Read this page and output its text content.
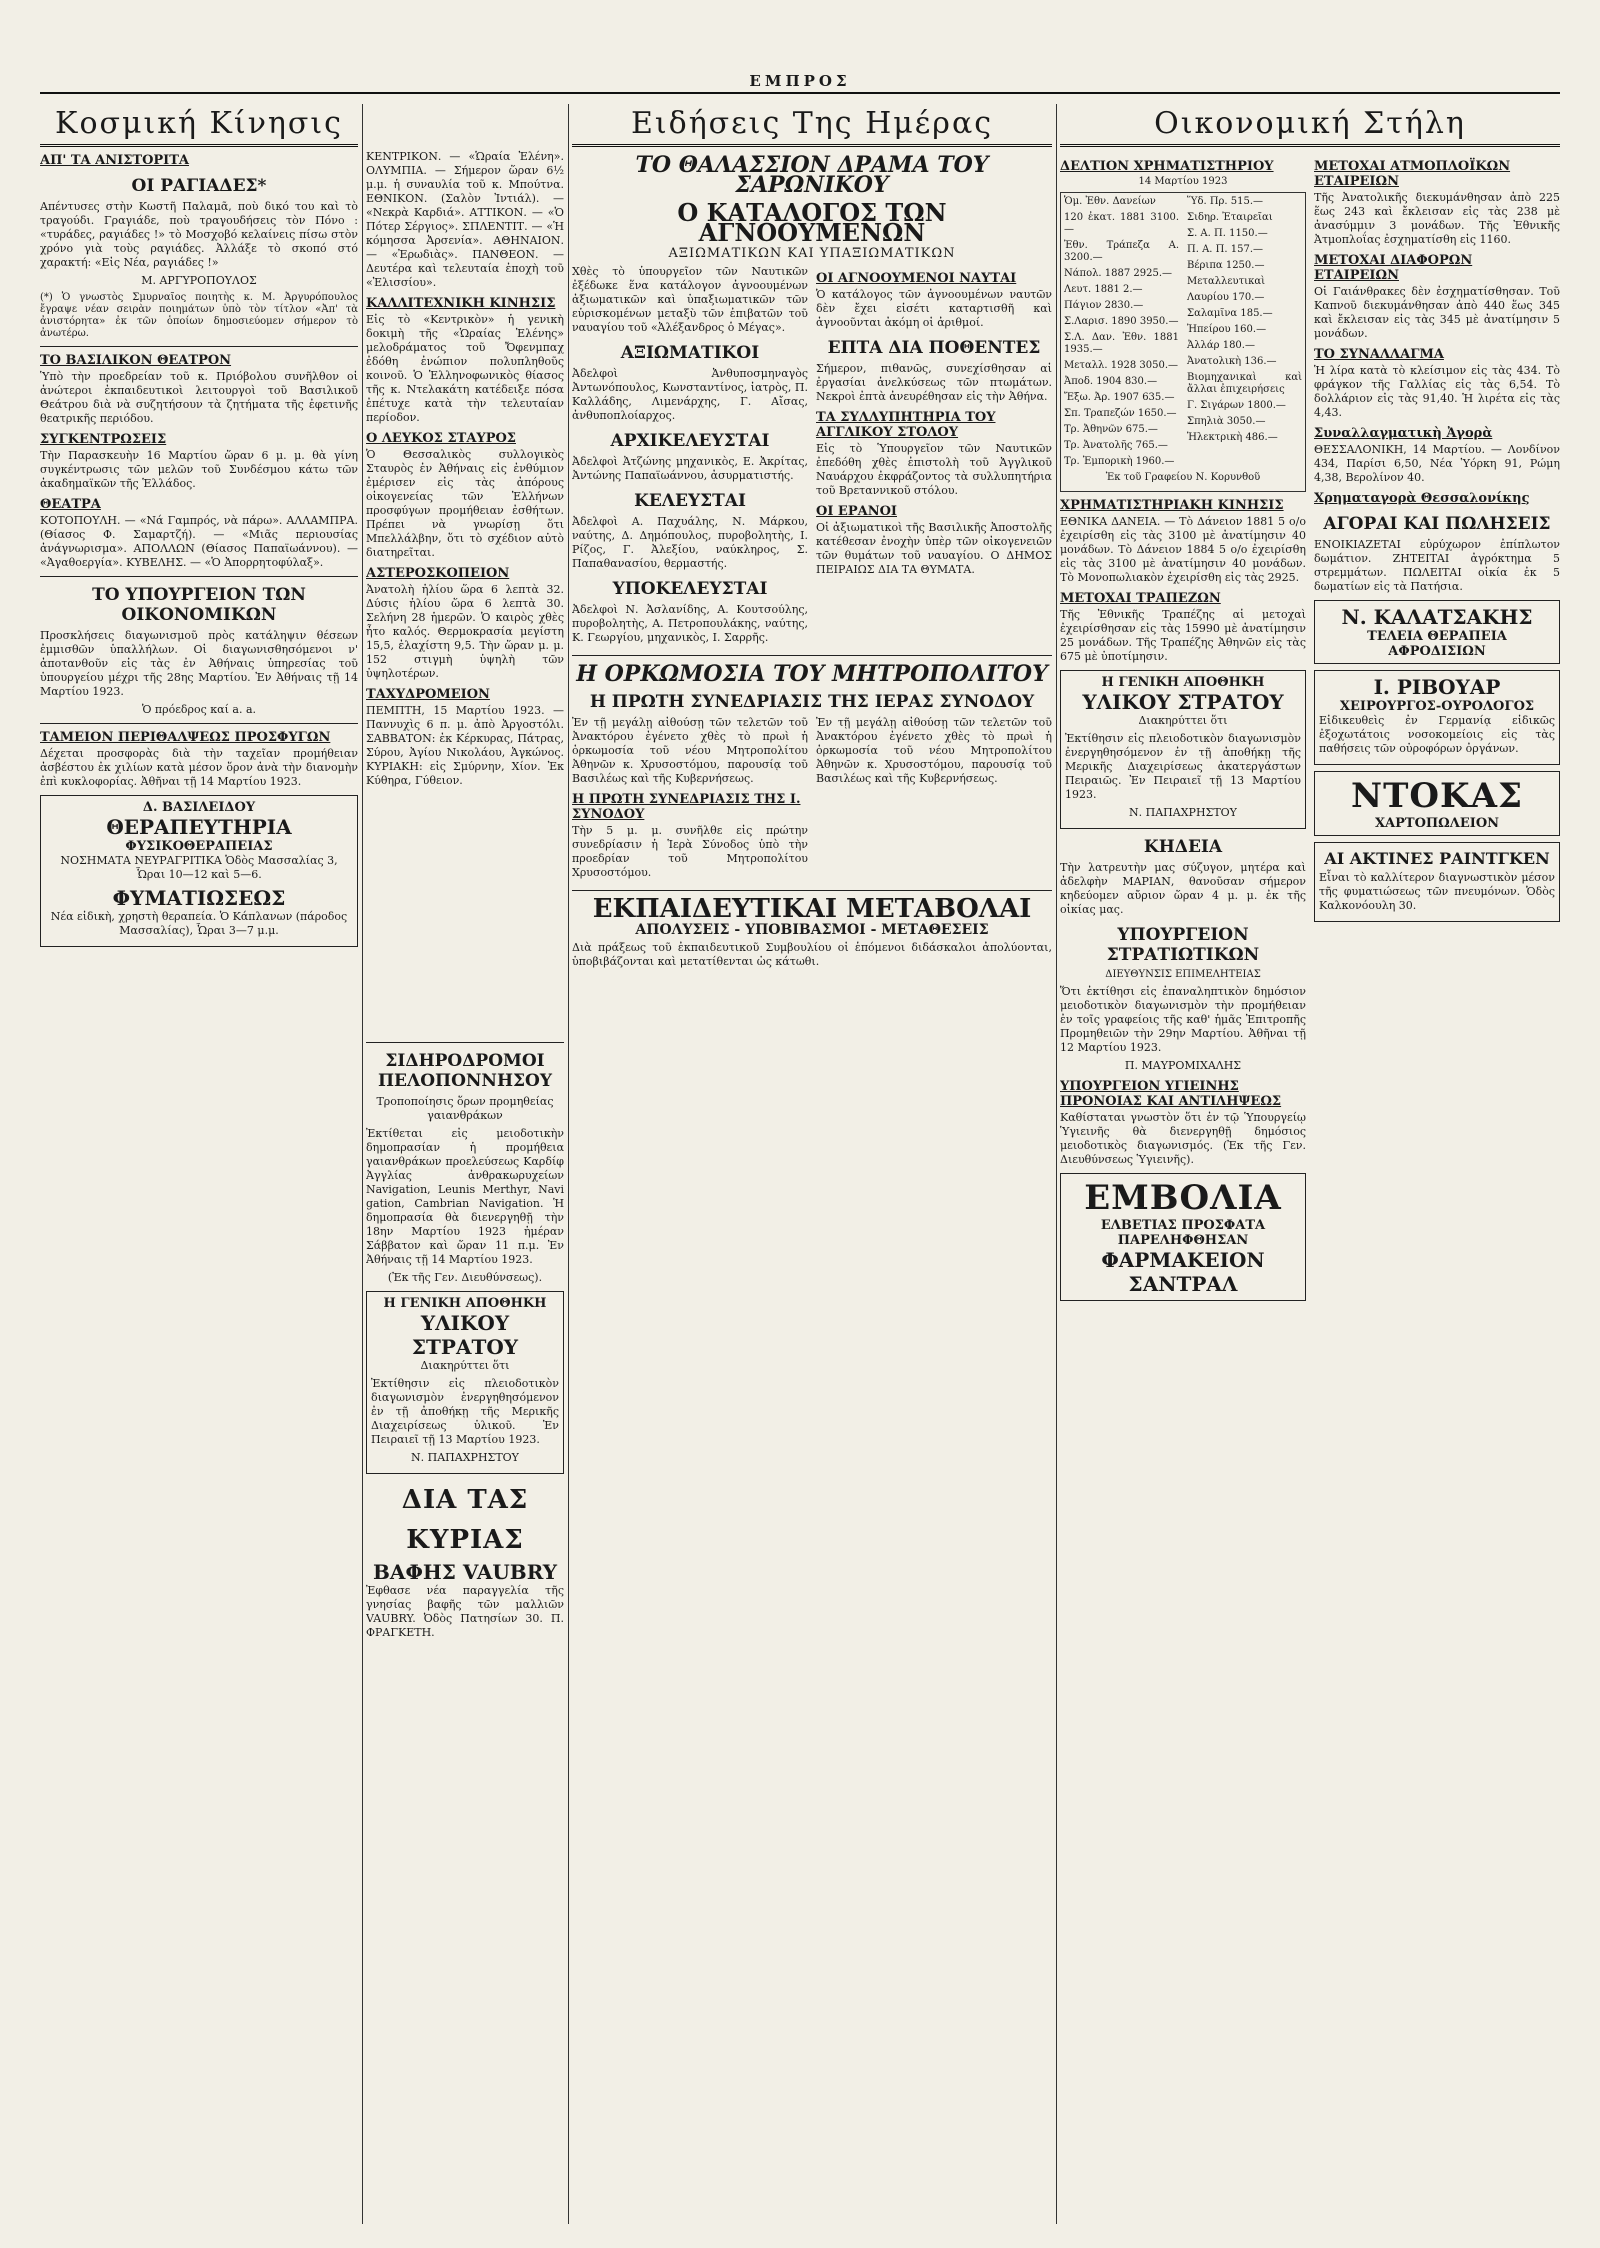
ΕΜΠΡΟΣ
Κοσμική Κίνησις
ΑΠ' ΤΑ ΑΝΙΣΤΟΡΙΤΑ
ΟΙ ΡΑΓΙΑΔΕΣ*

Απέντυσες στὴν Κωστῆ Παλαμᾶ, ποὺ δικό του καὶ τὸ τραγούδι. Γραγιάδε, ποὺ τραγουδήσεις τὸν Πόνο : «τυράδες, ραγιάδες !» τὸ Μοσχοβό κελαίνεις πίσω στὸν χρόνο γιὰ τοὺς ραγιάδες. Ἀλλάξε τὸ σκοπό στό χαρακτή: «Εἰς Νέα, ραγιάδες !»

Μ. ΑΡΓΥΡΟΠΟΥΛΟΣ

(*) Ὁ γνωστὸς Σμυρναῖος ποιητὴς κ. Μ. Ἀργυρόπουλος ἔγραψε νέαν σειρὰν ποιημάτων ὑπὸ τὸν τίτλον «Ἀπ' τὰ ἀνιστόρητα» ἐκ τῶν ὁποίων δημοσιεύομεν σήμερον τὸ ἀνωτέρω.

ΤΟ ΒΑΣΙΛΙΚΟΝ ΘΕΑΤΡΟΝ

Ὑπὸ τὴν προεδρείαν τοῦ κ. Πριόβολου συνῆλθον οἱ ἀνώτεροι ἐκπαιδευτικοὶ λειτουργοὶ τοῦ Βασιλικοῦ Θεάτρου διὰ νὰ συζητήσουν τὰ ζητήματα τῆς ἐφετινῆς θεατρικῆς περιόδου.

ΣΥΓΚΕΝΤΡΩΣΕΙΣ

Τὴν Παρασκευὴν 16 Μαρτίου ὥραν 6 μ. μ. θὰ γίνη συγκέντρωσις τῶν μελῶν τοῦ Συνδέσμου κάτω τῶν ἀκαδημαϊκῶν τῆς Ἑλλάδος.

ΘΕΑΤΡΑ

ΚΟΤΟΠΟΥΛΗ. — «Νά Γαμπρός, νὰ πάρω». ΑΛΛΑΜΠΡΑ. (Θίασος Φ. Σαμαρτζή). — «Μιᾶς περιουσίας ἀνάγνωρισμα». ΑΠΟΛΛΩΝ (Θίασος Παπαϊωάννου). — «Ἀγαθοεργία». ΚΥΒΕΛΗΣ. — «Ὁ Ἀπορρητοφύλαξ».

ΤΟ ΥΠΟΥΡΓΕΙΟΝ ΤΩΝ ΟΙΚΟΝΟΜΙΚΩΝ

Προσκλήσεις διαγωνισμοῦ πρὸς κατάληψιν θέσεων ἐμμισθῶν ὑπαλλήλων. Οἱ διαγωνισθησόμενοι ν' ἀποτανθοῦν εἰς τὰς ἐν Ἀθήναις ὑπηρεσίας τοῦ ὑπουργείου μέχρι τῆς 28ης Μαρτίου. Ἐν Ἀθήναις τῇ 14 Μαρτίου 1923.

Ὁ πρόεδρος καί a. a.

ΤΑΜΕΙΟΝ ΠΕΡΙΘΑΛΨΕΩΣ ΠΡΟΣΦΥΓΩΝ

Δέχεται προσφορὰς διὰ τὴν ταχεῖαν προμήθειαν ἀσβέστου ἐκ χιλίων κατὰ μέσον ὅρον ἀνὰ τὴν διανομὴν ἐπὶ κυκλοφορίας. Ἀθῆναι τῇ 14 Μαρτίου 1923.

Δ. ΒΑΣΙΛΕΙΔΟΥ
ΘΕΡΑΠΕΥΤΗΡΙΑ
ΦΥΣΙΚΟΘΕΡΑΠΕΙΑΣ

ΝΟΣΗΜΑΤΑ ΝΕΥΡΑΓΡΙΤΙΚΑ Ὁδὸς Μασσαλίας 3, Ὧραι 10—12 καὶ 5—6.

ΦΥΜΑΤΙΩΣΕΩΣ

Νέα εἰδικὴ, χρηστὴ θεραπεία. Ὁ Κάπλανων (πάροδος Μασσαλίας), Ὧραι 3—7 μ.μ.

ΚΕΝΤΡΙΚΟΝ. — «Ὡραία Ἑλένη». ΟΛΥΜΠΙΑ. — Σήμερον ὥραν 6½ μ.μ. ἡ συναυλία τοῦ κ. Μπούτνα. ΕΘΝΙΚΟΝ. (Σαλὸν Ἰντιάλ). — «Νεκρὰ Καρδιά». ΑΤΤΙΚΟΝ. — «Ὁ Πότερ Σέργιος». ΣΠΛΕΝΤΙΤ. — «Ἡ κόμησσα Ἀρσενία». ΑΘΗΝΑΙΟΝ. — «Ἐρωδιὰς». ΠΑΝΘΕΟΝ. — Δευτέρα καὶ τελευταία ἐποχὴ τοῦ «Ἐλισσίου».

ΚΑΛΛΙΤΕΧΝΙΚΗ ΚΙΝΗΣΙΣ

Εἰς τὸ «Κεντρικὸν» ἡ γενικὴ δοκιμὴ τῆς «Ὡραίας Ἑλένης» μελοδράματος τοῦ Ὄφενμπαχ ἐδόθη ἐνώπιον πολυπληθοῦς κοινοῦ. Ὁ Ἑλληνοφωνικὸς θίασος τῆς κ. Ντελακάτη κατέδειξε πόσα ἐπέτυχε κατὰ τὴν τελευταίαν περίοδον.

Ο ΛΕΥΚΟΣ ΣΤΑΥΡΟΣ

Ὁ Θεσσαλικὸς συλλογικὸς Σταυρὸς ἐν Ἀθήναις εἰς ἐνθύμιον ἐμέρισεν εἰς τὰς ἀπόρους οἰκογενείας τῶν Ἑλλήνων προσφύγων προμήθειαν ἐσθήτων. Πρέπει νὰ γνωρίσῃ ὅτι Μπελλάλβην, ὅτι τὸ σχέδιον αὐτὸ διατηρεῖται.

ΑΣΤΕΡΟΣΚΟΠΕΙΟΝ

Ἀνατολὴ ἡλίου ὥρα 6 λεπτὰ 32. Δύσις ἡλίου ὥρα 6 λεπτὰ 30. Σελήνη 28 ἡμερῶν. Ὁ καιρὸς χθὲς ἦτο καλός. Θερμοκρασία μεγίστη 15,5, ἐλαχίστη 9,5. Τὴν ὥραν μ. μ. 152 στιγμὴ ὑψηλὴ τῶν ὑψηλοτέρων.

ΤΑΧΥΔΡΟΜΕΙΟΝ

ΠΕΜΠΤΗ, 15 Μαρτίου 1923. — Παννυχὶς 6 π. μ. ἀπὸ Ἀργοστόλι. ΣΑΒΒΑΤΟΝ: ἐκ Κέρκυρας, Πάτρας, Σύρου, Ἀγίου Νικολάου, Ἀγκώνος. ΚΥΡΙΑΚΗ: εἰς Σμύρνην, Χίον. Ἐκ Κύθηρα, Γύθειον.

ΣΙΔΗΡΟΔΡΟΜΟΙ ΠΕΛΟΠΟΝΝΗΣΟΥ

Τροποποίησις ὅρων προμηθείας γαιανθράκων

Ἐκτίθεται εἰς μειοδοτικὴν δημοπρασίαν ἡ προμήθεια γαιανθράκων προελεύσεως Καρδίφ Ἀγγλίας ἀνθρακωρυχείων Navigation, Leunis Merthyr, Navi gation, Cambrian Navigation. Ἡ δημοπρασία θὰ διενεργηθῇ τὴν 18ην Μαρτίου 1923 ἡμέραν Σάββατον καὶ ὥραν 11 π.μ. Ἐν Ἀθήναις τῇ 14 Μαρτίου 1923.

(Ἐκ τῆς Γεν. Διευθύνσεως).

Η ΓΕΝΙΚΗ ΑΠΟΘΗΚΗ
ΥΛΙΚΟΥ ΣΤΡΑΤΟΥ

Διακηρύττει ὅτι

Ἐκτίθησιν εἰς πλειοδοτικὸν διαγωνισμὸν ἐνεργηθησόμενον ἐν τῇ ἀποθήκῃ τῆς Μερικῆς Διαχειρίσεως ὑλικοῦ. Ἐν Πειραιεῖ τῇ 13 Μαρτίου 1923.

Ν. ΠΑΠΑΧΡΗΣΤΟΥ

ΔΙΑ ΤΑΣ ΚΥΡΙΑΣ
ΒΑΦΗΣ VAUBRY

Ἐφθασε νέα παραγγελία τῆς γνησίας βαφῆς τῶν μαλλιῶν VAUBRY. Ὀδὸς Πατησίων 30. Π. ΦΡΑΓΚΕΤΗ.

Ειδήσεις Της Ημέρας
ΤΟ ΘΑΛΑΣΣΙΟΝ ΔΡΑΜΑ ΤΟΥ ΣΑΡΩΝΙΚΟΥ
Ο ΚΑΤΑΛΟΓΟΣ ΤΩΝ ΑΓΝΟΟΥΜΕΝΩΝ

ΑΞΙΩΜΑΤΙΚΩΝ ΚΑΙ ΥΠΑΞΙΩΜΑΤΙΚΩΝ

Χθὲς τὸ ὑπουργεῖον τῶν Ναυτικῶν ἐξέδωκε ἕνα κατάλογον ἀγνοουμένων ἀξιωματικῶν καὶ ὑπαξιωματικῶν τῶν εὑρισκομένων μεταξὺ τῶν ἐπιβατῶν τοῦ ναυαγίου τοῦ «Ἀλέξανδρος ὁ Μέγας».

ΑΞΙΩΜΑΤΙΚΟΙ

Ἀδελφοὶ Ἀνθυποσμηναγὸς Ἀντωνόπουλος, Κωνσταντίνος, ἰατρὸς, Π. Καλλάδης, Λιμενάρχης, Γ. Αἴσας, ἀνθυποπλοίαρχος.

ΑΡΧΙΚΕΛΕΥΣΤΑΙ

Ἀδελφοὶ Ἀτζώνης μηχανικὸς, Ε. Ἀκρίτας, Ἀντώνης Παπαϊωάννου, ἀσυρματιστής.

ΚΕΛΕΥΣΤΑΙ

Ἀδελφοὶ Α. Παχυάλης, Ν. Μάρκου, ναύτης, Δ. Δημόπουλος, πυροβολητὴς, Ι. Ρίζος, Γ. Ἀλεξίου, ναύκληρος, Σ. Παπαθανασίου, θερμαστής.

ΥΠΟΚΕΛΕΥΣΤΑΙ

Ἀδελφοὶ Ν. Ἀσλανίδης, Α. Κουτσούλης, πυροβολητὴς, Α. Πετροπουλάκης, ναύτης, Κ. Γεωργίου, μηχανικὸς, Ι. Σαρρῆς.

ΟΙ ΑΓΝΟΟΥΜΕΝΟΙ ΝΑΥΤΑΙ

Ὁ κατάλογος τῶν ἀγνοουμένων ναυτῶν δὲν ἔχει εἰσέτι καταρτισθῆ καὶ ἀγνοοῦνται ἀκόμη οἱ ἀριθμοί.

ΕΠΤΑ ΔΙΑ ΠΟΘΕΝΤΕΣ

Σήμερον, πιθανῶς, συνεχίσθησαν αἱ ἐργασίαι ἀνελκύσεως τῶν πτωμάτων. Νεκροὶ ἐπτὰ ἀνευρέθησαν εἰς τὴν Ἀθήνα.

ΤΑ ΣΥΛΛΥΠΗΤΗΡΙΑ ΤΟΥ ΑΓΓΛΙΚΟΥ ΣΤΟΛΟΥ

Εἰς τὸ Ὑπουργεῖον τῶν Ναυτικῶν ἐπεδόθη χθὲς ἐπιστολὴ τοῦ Ἀγγλικοῦ Ναυάρχου ἐκφράζοντος τὰ συλλυπητήρια τοῦ Βρεταννικοῦ στόλου.

ΟΙ ΕΡΑΝΟΙ

Οἱ ἀξιωματικοὶ τῆς Βασιλικῆς Ἀποστολῆς κατέθεσαν ἐνοχὴν ὑπὲρ τῶν οἰκογενειῶν τῶν θυμάτων τοῦ ναυαγίου. Ο ΔΗΜΟΣ ΠΕΙΡΑΙΩΣ ΔΙΑ ΤΑ ΘΥΜΑΤΑ.

Η ΟΡΚΩΜΟΣΙΑ ΤΟΥ ΜΗΤΡΟΠΟΛΙΤΟΥ
Η ΠΡΩΤΗ ΣΥΝΕΔΡΙΑΣΙΣ ΤΗΣ ΙΕΡΑΣ ΣΥΝΟΔΟΥ

Ἐν τῇ μεγάλῃ αἰθούσῃ τῶν τελετῶν τοῦ Ἀνακτόρου ἐγένετο χθὲς τὸ πρωὶ ἡ ὁρκωμοσία τοῦ νέου Μητροπολίτου Ἀθηνῶν κ. Χρυσοστόμου, παρουσίᾳ τοῦ Βασιλέως καὶ τῆς Κυβερνήσεως.

Η ΠΡΩΤΗ ΣΥΝΕΔΡΙΑΣΙΣ ΤΗΣ Ι. ΣΥΝΟΔΟΥ

Τὴν 5 μ. μ. συνῆλθε εἰς πρώτην συνεδρίασιν ἡ Ἱερὰ Σύνοδος ὑπὸ τὴν προεδρίαν τοῦ Μητροπολίτου Χρυσοστόμου.

Ἐν τῇ μεγάλῃ αἰθούσῃ τῶν τελετῶν τοῦ Ἀνακτόρου ἐγένετο χθὲς τὸ πρωὶ ἡ ὁρκωμοσία τοῦ νέου Μητροπολίτου Ἀθηνῶν κ. Χρυσοστόμου, παρουσίᾳ τοῦ Βασιλέως καὶ τῆς Κυβερνήσεως.

ΕΚΠΑΙΔΕΥΤΙΚΑΙ ΜΕΤΑΒΟΛΑΙ

ΑΠΟΛΥΣΕΙΣ - ΥΠΟΒΙΒΑΣΜΟΙ - ΜΕΤΑΘΕΣΕΙΣ

Διὰ πράξεως τοῦ ἐκπαιδευτικοῦ Συμβουλίου οἱ ἑπόμενοι διδάσκαλοι ἀπολύονται, ὑποβιβάζονται καὶ μετατίθενται ὡς κάτωθι.

Οικονομική Στήλη
ΔΕΛΤΙΟΝ ΧΡΗΜΑΤΙΣΤΗΡΙΟΥ

14 Μαρτίου 1923

Ὁμ. Ἐθν. Δανείων

120 ἐκατ. 1881 3100.—

Ἐθν. Τράπεζα Α. 3200.—

Νάπολ. 1887 2925.—

Λευτ. 1881 2.—

Πάγιον 2830.—

Σ.Λαρισ. 1890 3950.—

Σ.Λ. Δαν. Ἐθν. 1881 1935.—

Μεταλλ. 1928 3050.—

Ἀποδ. 1904 830.—

Ἔξω. Ἀρ. 1907 635.—

Σπ. Τραπεζών 1650.—

Τρ. Ἀθηνῶν 675.—

Τρ. Ἀνατολῆς 765.—

Τρ. Ἐμπορικὴ 1960.—

Ὕδ. Πρ. 515.—

Σιδηρ. Ἐταιρεῖαι

Σ. Α. Π. 1150.—

Π. Α. Π. 157.—

Βέριπα 1250.—

Μεταλλευτικαὶ

Λαυρίου 170.—

Σαλαμῖνα 185.—

Ἠπείρου 160.—

Ἀλλάρ 180.—

Ἀνατολικὴ 136.—

Βιομηχανικαὶ καὶ ἄλλαι ἐπιχειρήσεις

Γ. Σιγάρων 1800.—

Σπηλιὰ 3050.—

Ἡλεκτρικὴ 486.—

Ἐκ τοῦ Γραφείου Ν. Κορυνθοῦ

ΧΡΗΜΑΤΙΣΤΗΡΙΑΚΗ ΚΙΝΗΣΙΣ

ΕΘΝΙΚΑ ΔΑΝΕΙΑ. — Τὸ Δάνειον 1881 5 ο/ο ἐχειρίσθη εἰς τὰς 3100 μὲ ἀνατίμησιν 40 μονάδων. Τὸ Δάνειον 1884 5 ο/ο ἐχειρίσθη εἰς τὰς 3100 μὲ ἀνατίμησιν 40 μονάδων. Τὸ Μονοπωλιακὸν ἐχειρίσθη εἰς τὰς 2925.

ΜΕΤΟΧΑΙ ΤΡΑΠΕΖΩΝ

Τῆς Ἐθνικῆς Τραπέζης αἱ μετοχαὶ ἐχειρίσθησαν εἰς τὰς 15990 μὲ ἀνατίμησιν 25 μονάδων. Τῆς Τραπέζης Ἀθηνῶν εἰς τὰς 675 μὲ ὑποτίμησιν.

Η ΓΕΝΙΚΗ ΑΠΟΘΗΚΗ
ΥΛΙΚΟΥ ΣΤΡΑΤΟΥ

Διακηρύττει ὅτι

Ἐκτίθησιν εἰς πλειοδοτικὸν διαγωνισμὸν ἐνεργηθησόμενον ἐν τῇ ἀποθήκῃ τῆς Μερικῆς Διαχειρίσεως ἀκατεργάστων Πειραιῶς. Ἐν Πειραιεῖ τῇ 13 Μαρτίου 1923.

Ν. ΠΑΠΑΧΡΗΣΤΟΥ

ΚΗΔΕΙΑ

Τὴν λατρευτὴν μας σύζυγον, μητέρα καὶ ἀδελφὴν ΜΑΡΙΑΝ, θανοῦσαν σήμερον κηδεύομεν αὔριον ὥραν 4 μ. μ. ἐκ τῆς οἰκίας μας.

ΥΠΟΥΡΓΕΙΟΝ ΣΤΡΑΤΙΩΤΙΚΩΝ

ΔΙΕΥΘΥΝΣΙΣ ΕΠΙΜΕΛΗΤΕΙΑΣ

Ὅτι ἐκτίθησι εἰς ἐπαναληπτικὸν δημόσιον μειοδοτικὸν διαγωνισμὸν τὴν προμήθειαν ἐν τοῖς γραφείοις τῆς καθ' ἡμᾶς Ἐπιτροπῆς Προμηθειῶν τὴν 29ην Μαρτίου. Ἀθῆναι τῇ 12 Μαρτίου 1923.

Π. ΜΑΥΡΟΜΙΧΑΛΗΣ

ΥΠΟΥΡΓΕΙΟΝ ΥΓΙΕΙΝΗΣ ΠΡΟΝΟΙΑΣ ΚΑΙ ΑΝΤΙΛΗΨΕΩΣ

Καθίσταται γνωστὸν ὅτι ἐν τῷ Ὑπουργείῳ Ὑγιεινῆς θὰ διενεργηθῇ δημόσιος μειοδοτικὸς διαγωνισμός. (Ἐκ τῆς Γεν. Διευθύνσεως Ὑγιεινῆς).

ΕΜΒΟΛΙΑ
ΕΛΒΕΤΙΑΣ ΠΡΟΣΦΑΤΑ
ΠΑΡΕΛΗΦΘΗΣΑΝ
ΦΑΡΜΑΚΕΙΟΝ ΣΑΝΤΡΑΛ
ΜΕΤΟΧΑΙ ΑΤΜΟΠΛΟΪΚΩΝ ΕΤΑΙΡΕΙΩΝ

Τῆς Ἀνατολικῆς διεκυμάνθησαν ἀπὸ 225 ἕως 243 καὶ ἔκλεισαν εἰς τὰς 238 μὲ ἀνασύμμιν 3 μονάδων. Τῆς Ἐθνικῆς Ἀτμοπλοΐας ἐσχηματίσθη εἰς 1160.

ΜΕΤΟΧΑΙ ΔΙΑΦΟΡΩΝ ΕΤΑΙΡΕΙΩΝ

Οἱ Γαιάνθρακες δὲν ἐσχηματίσθησαν. Τοῦ Καπνοῦ διεκυμάνθησαν ἀπὸ 440 ἕως 345 καὶ ἔκλεισαν εἰς τὰς 345 μὲ ἀνατίμησιν 5 μονάδων.

ΤΟ ΣΥΝΑΛΛΑΓΜΑ

Ἡ λίρα κατὰ τὸ κλείσιμον εἰς τὰς 434. Τὸ φράγκον τῆς Γαλλίας εἰς τὰς 6,54. Τὸ δολλάριον εἰς τὰς 91,40. Ἡ λιρέτα εἰς τὰς 4,43.

Συναλλαγματικὴ Ἀγορὰ

ΘΕΣΣΑΛΟΝΙΚΗ, 14 Μαρτίου. — Λονδίνον 434, Παρίσι 6,50, Νέα Ὑόρκη 91, Ρώμη 4,38, Βερολίνον 40.

Χρηματαγορὰ Θεσσαλονίκης
ΑΓΟΡΑΙ ΚΑΙ ΠΩΛΗΣΕΙΣ

ΕΝΟΙΚΙΑΖΕΤΑΙ εὐρύχωρον ἐπίπλωτον δωμάτιον. ΖΗΤΕΙΤΑΙ ἀγρόκτημα 5 στρεμμάτων. ΠΩΛΕΙΤΑΙ οἰκία ἐκ 5 δωματίων εἰς τὰ Πατήσια.

Ν. ΚΑΛΑΤΣΑΚΗΣ
ΤΕΛΕΙΑ ΘΕΡΑΠΕΙΑ ΑΦΡΟΔΙΣΙΩΝ
Ι. ΡΙΒΟΥΑΡ
ΧΕΙΡΟΥΡΓΟΣ-ΟΥΡΟΛΟΓΟΣ

Εἰδικευθεὶς ἐν Γερμανίᾳ εἰδικῶς ἐξοχωτάτοις νοσοκομείοις εἰς τὰς παθήσεις τῶν οὐροφόρων ὀργάνων.

ΝΤΟΚΑΣ
ΧΑΡΤΟΠΩΛΕΙΟΝ
ΑΙ ΑΚΤΙΝΕΣ ΡΑΙΝΤΓΚΕΝ

Εἶναι τὸ καλλίτερον διαγνωστικὸν μέσον τῆς φυματιώσεως τῶν πνευμόνων. Ὁδὸς Καλκονόουλη 30.
